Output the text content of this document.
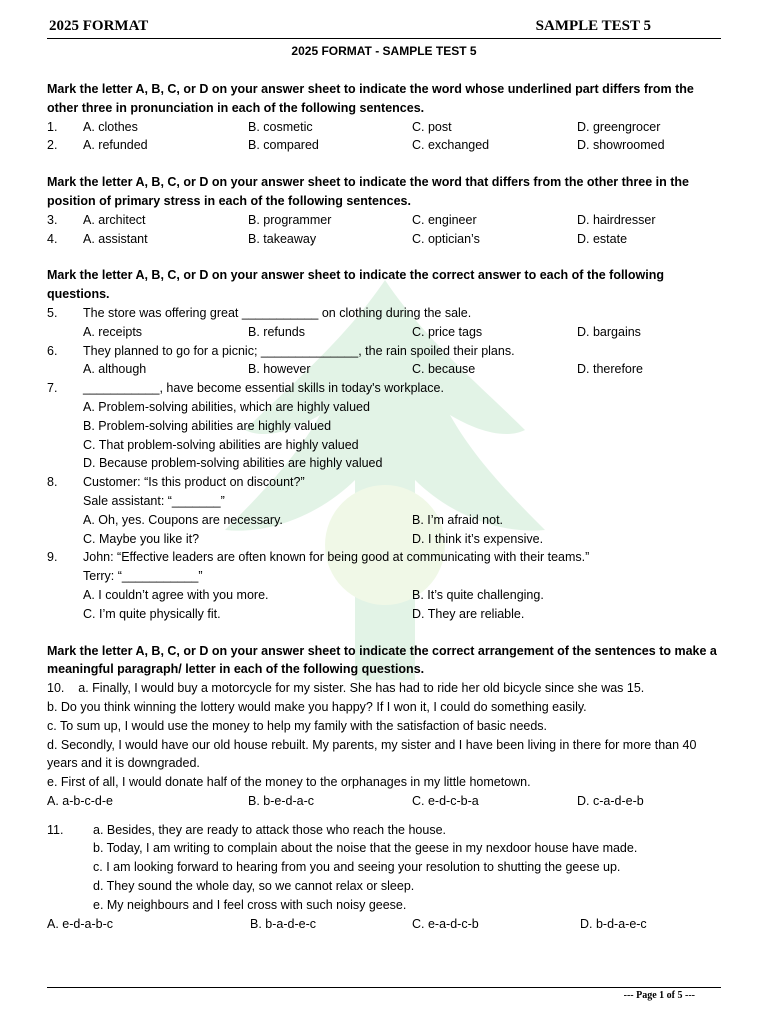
2025 FORMAT	SAMPLE TEST 5
2025 FORMAT - SAMPLE TEST 5
Mark the letter A, B, C, or D on your answer sheet to indicate the word whose underlined part differs from the other three in pronunciation in each of the following sentences.
1. A. clothes	B. cosmetic	C. post	D. greengrocer
2. A. refunded	B. compared	C. exchanged	D. showroomed
Mark the letter A, B, C, or D on your answer sheet to indicate the word that differs from the other three in the position of primary stress in each of the following sentences.
3. A. architect	B. programmer	C. engineer	D. hairdresser
4. A. assistant	B. takeaway	C. optician’s	D. estate
Mark the letter A, B, C, or D on your answer sheet to indicate the correct answer to each of the following questions.
5. The store was offering great ___________ on clothing during the sale.
A. receipts	B. refunds	C. price tags	D. bargains
6. They planned to go for a picnic; ______________, the rain spoiled their plans.
A. although	B. however	C. because	D. therefore
7. ___________, have become essential skills in today's workplace.
A. Problem-solving abilities, which are highly valued
B. Problem-solving abilities are highly valued
C. That problem-solving abilities are highly valued
D. Because problem-solving abilities are highly valued
8. Customer: “Is this product on discount?”
Sale assistant: “_______”
A. Oh, yes. Coupons are necessary.	B. I’m afraid not.
C. Maybe you like it?	D. I think it’s expensive.
9. John: “Effective leaders are often known for being good at communicating with their teams.”
Terry: “___________”
A. I couldn’t agree with you more.	B. It’s quite challenging.
C. I’m quite physically fit.	D. They are reliable.
Mark the letter A, B, C, or D on your answer sheet to indicate the correct arrangement of the sentences to make a meaningful paragraph/ letter in each of the following questions.
10.    a. Finally, I would buy a motorcycle for my sister. She has had to ride her old bicycle since she was 15.
b. Do you think winning the lottery would make you happy? If I won it, I could do something easily.
c. To sum up, I would use the money to help my family with the satisfaction of basic needs.
d. Secondly, I would have our old house rebuilt. My parents, my sister and I have been living in there for more than 40 years and it is downgraded.
e. First of all, I would donate half of the money to the orphanages in my little hometown.
A. a-b-c-d-e	B. b-e-d-a-c	C. e-d-c-b-a	D. c-a-d-e-b
11. a. Besides, they are ready to attack those who reach the house.
b. Today, I am writing to complain about the noise that the geese in my nexdoor house have made.
c. I am looking forward to hearing from you and seeing your resolution to shutting the geese up.
d. They sound the whole day, so we cannot relax or sleep.
e. My neighbours and I feel cross with such noisy geese.
A. e-d-a-b-c	B. b-a-d-e-c	C. e-a-d-c-b	D. b-d-a-e-c
--- Page 1 of 5 ---
